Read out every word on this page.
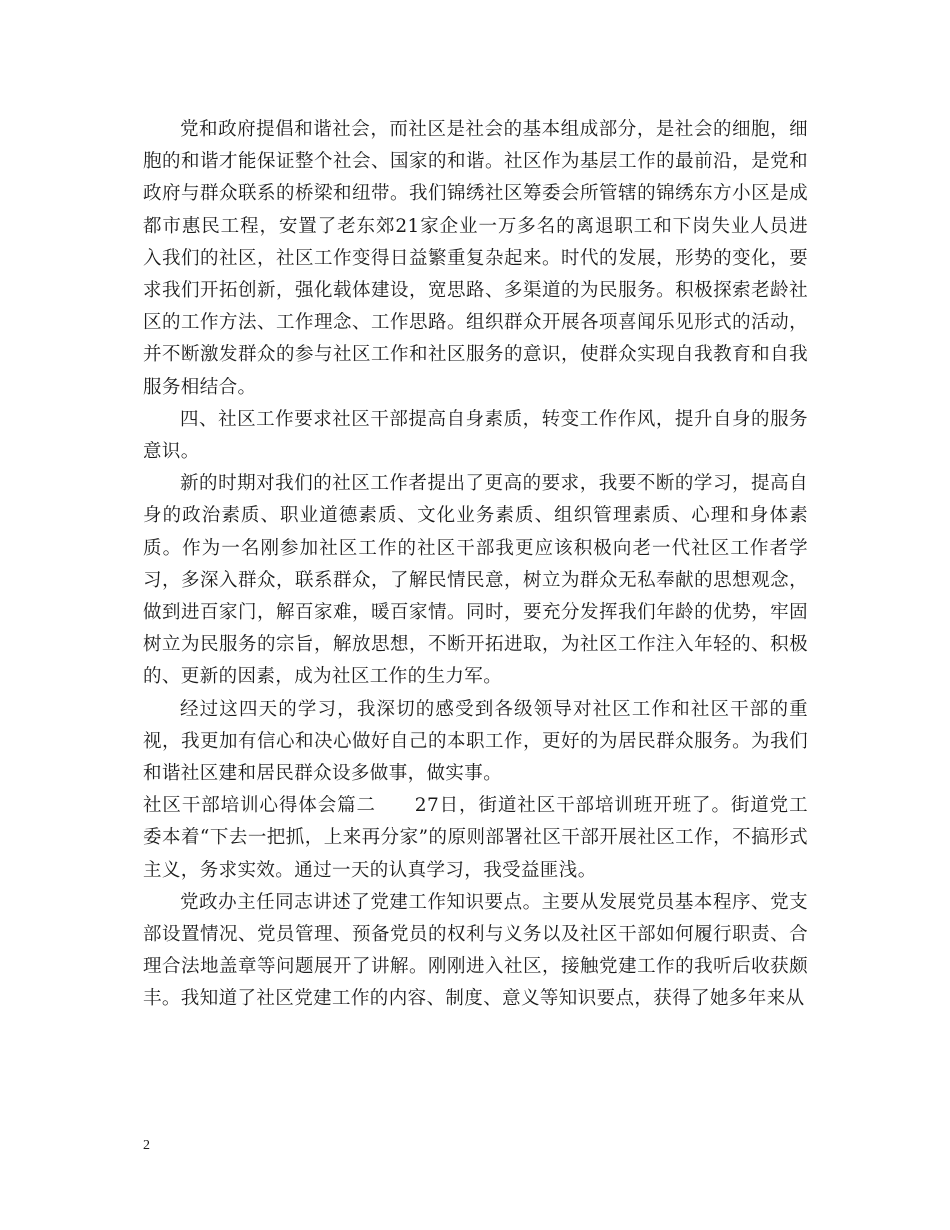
党和政府提倡和谐社会，而社区是社会的基本组成部分，是社会的细胞，细胞的和谐才能保证整个社会、国家的和谐。社区作为基层工作的最前沿，是党和政府与群众联系的桥梁和纽带。我们锦绣社区筹委会所管辖的锦绣东方小区是成都市惠民工程，安置了老东郊21家企业一万多名的离退职工和下岗失业人员进入我们的社区，社区工作变得日益繁重复杂起来。时代的发展，形势的变化，要求我们开拓创新，强化载体建设，宽思路、多渠道的为民服务。积极探索老龄社区的工作方法、工作理念、工作思路。组织群众开展各项喜闻乐见形式的活动，并不断激发群众的参与社区工作和社区服务的意识，使群众实现自我教育和自我服务相结合。

四、社区工作要求社区干部提高自身素质，转变工作作风，提升自身的服务意识。

新的时期对我们的社区工作者提出了更高的要求，我要不断的学习，提高自身的政治素质、职业道德素质、文化业务素质、组织管理素质、心理和身体素质。作为一名刚参加社区工作的社区干部我更应该积极向老一代社区工作者学习，多深入群众，联系群众，了解民情民意，树立为群众无私奉献的思想观念，做到进百家门，解百家难，暖百家情。同时，要充分发挥我们年龄的优势，牢固树立为民服务的宗旨，解放思想，不断开拓进取，为社区工作注入年轻的、积极的、更新的因素，成为社区工作的生力军。

经过这四天的学习，我深切的感受到各级领导对社区工作和社区干部的重视，我更加有信心和决心做好自己的本职工作，更好的为居民群众服务。为我们和谐社区建和居民群众设多做事，做实事。

社区干部培训心得体会篇二　　27日，街道社区干部培训班开班了。街道党工委本着“下去一把抓，上来再分家”的原则部署社区干部开展社区工作，不搞形式主义，务求实效。通过一天的认真学习，我受益匪浅。

党政办主任同志讲述了党建工作知识要点。主要从发展党员基本程序、党支部设置情况、党员管理、预备党员的权利与义务以及社区干部如何履行职责、合理合法地盖章等问题展开了讲解。刚刚进入社区，接触党建工作的我听后收获颇丰。我知道了社区党建工作的内容、制度、意义等知识要点，获得了她多年来从

2
